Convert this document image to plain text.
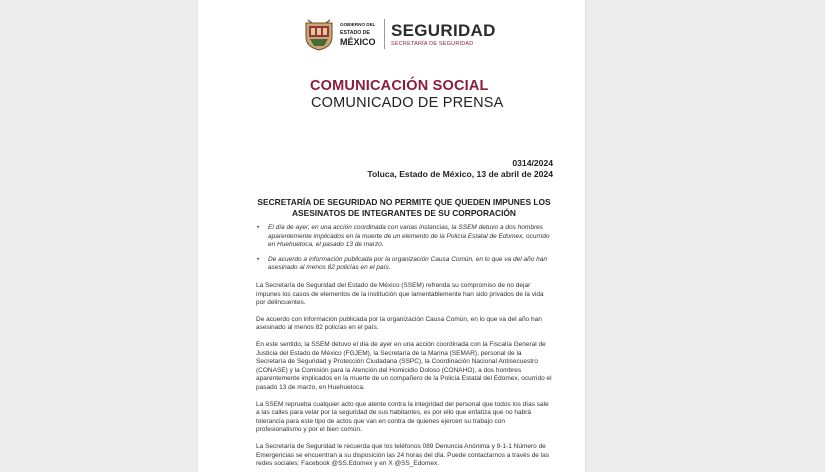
GOBIERNO DEL
ESTADO DE
MÉXICO
SEGURIDAD
SECRETARÍA DE SEGURIDAD
COMUNICACIÓN SOCIAL
COMUNICADO DE PRENSA
0314/2024
Toluca, Estado de México, 13 de abril de 2024
SECRETARÍA DE SEGURIDAD NO PERMITE QUE QUEDEN IMPUNES LOS ASESINATOS DE INTEGRANTES DE SU CORPORACIÓN
• El día de ayer, en una acción coordinada con varias instancias, la SSEM detuvo a dos hombres aparentemente implicados en la muerte de un elemento de la Policía Estatal de Edomex, ocurrido en Huehuetoca, el pasado 13 de marzo.
• De acuerdo a información publicada por la organización Causa Común, en lo que va del año han asesinado al menos 82 policías en el país.

La Secretaría de Seguridad del Estado de México (SSEM) refrenda su compromiso de no dejar impunes los casos de elementos de la institución que lamentablemente han sido privados de la vida por delincuentes.

De acuerdo con información publicada por la organización Causa Común, en lo que va del año han asesinado al menos 82 policías en el país.

En este sentido, la SSEM detuvo el día de ayer en una acción coordinada con la Fiscalía General de Justicia del Estado de México (FGJEM), la Secretaría de la Marina (SEMAR), personal de la Secretaría de Seguridad y Protección Ciudadana (SSPC), la Coordinación Nacional Antisecuestro (CONASE) y la Comisión para la Atención del Homicidio Doloso (CONAHO), a dos hombres aparentemente implicados en la muerte de un compañero de la Policía Estatal del Edomex, ocurrido el pasado 13 de marzo, en Huehuetoca.

La SSEM reprueba cualquier acto que atente contra la integridad del personal que todos los días sale a las calles para velar por la seguridad de sus habitantes, es por ello que enfatiza que no habrá tolerancia para este tipo de actos que van en contra de quienes ejercen su trabajo con profesionalismo y por el bien común.

La Secretaría de Seguridad le recuerda que los teléfonos 089 Denuncia Anónima y 9-1-1 Número de Emergencias se encuentran a su disposición las 24 horas del día. Puede contactarnos a través de las redes sociales: Facebook @SS.Edomex y en X @SS_Edomex.
